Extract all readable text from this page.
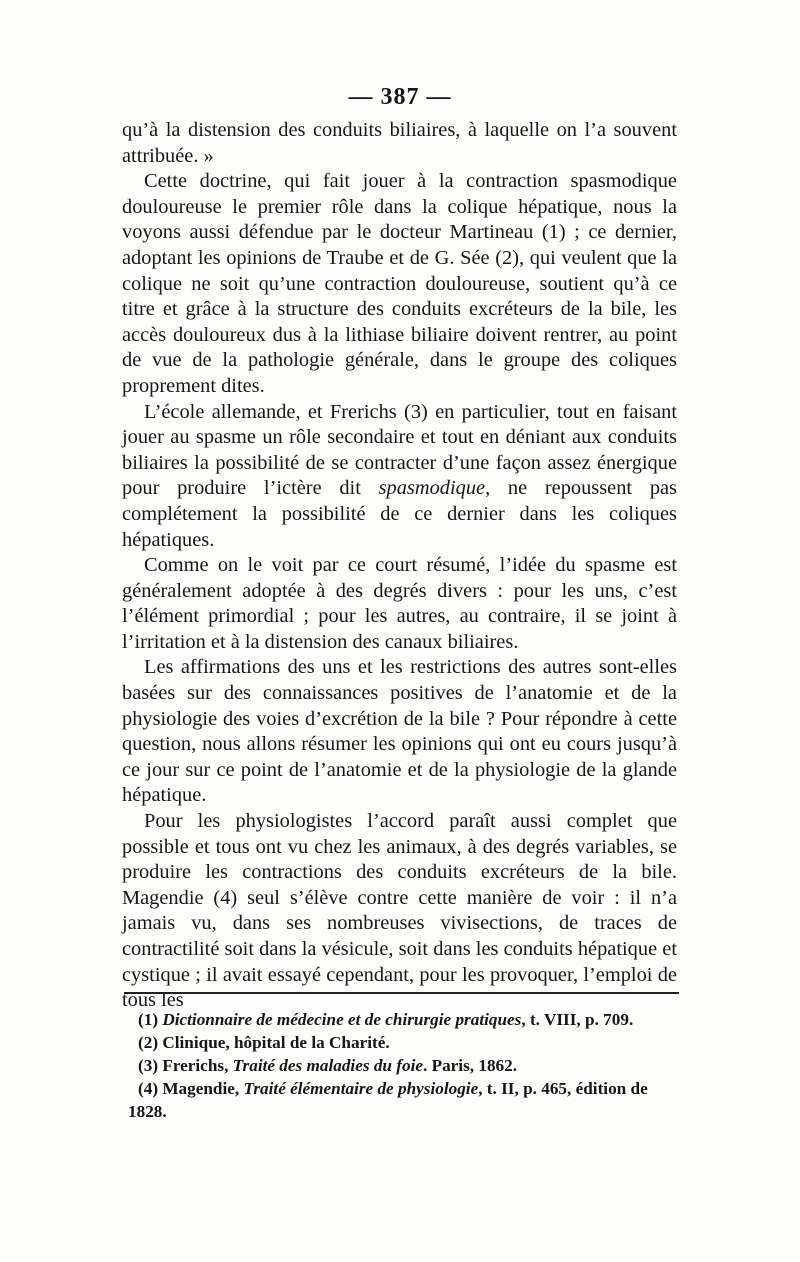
— 387 —

qu’à la distension des conduits biliaires, à laquelle on l’a souvent attribuée. »

Cette doctrine, qui fait jouer à la contraction spasmodique douloureuse le premier rôle dans la colique hépatique, nous la voyons aussi défendue par le docteur Martineau (1) ; ce dernier, adoptant les opinions de Traube et de G. Sée (2), qui veulent que la colique ne soit qu’une contraction douloureuse, soutient qu’à ce titre et grâce à la structure des conduits excréteurs de la bile, les accès douloureux dus à la lithiase biliaire doivent rentrer, au point de vue de la pathologie générale, dans le groupe des coliques proprement dites.

L’école allemande, et Frerichs (3) en particulier, tout en faisant jouer au spasme un rôle secondaire et tout en déniant aux conduits biliaires la possibilité de se contracter d’une façon assez énergique pour produire l’ictère dit spasmodique, ne repoussent pas complétement la possibilité de ce dernier dans les coliques hépatiques.

Comme on le voit par ce court résumé, l’idée du spasme est généralement adoptée à des degrés divers : pour les uns, c’est l’élément primordial ; pour les autres, au contraire, il se joint à l’irritation et à la distension des canaux biliaires.

Les affirmations des uns et les restrictions des autres sont-elles basées sur des connaissances positives de l’anatomie et de la physiologie des voies d’excrétion de la bile ? Pour répondre à cette question, nous allons résumer les opinions qui ont eu cours jusqu’à ce jour sur ce point de l’anatomie et de la physiologie de la glande hépatique.

Pour les physiologistes l’accord paraît aussi complet que possible et tous ont vu chez les animaux, à des degrés variables, se produire les contractions des conduits excréteurs de la bile. Magendie (4) seul s’élève contre cette manière de voir : il n’a jamais vu, dans ses nombreuses vivisections, de traces de contractilité soit dans la vésicule, soit dans les conduits hépatique et cystique ; il avait essayé cependant, pour les provoquer, l’emploi de tous les

(1) Dictionnaire de médecine et de chirurgie pratiques, t. VIII, p. 709.

(2) Clinique, hôpital de la Charité.

(3) Frerichs, Traité des maladies du foie. Paris, 1862.

(4) Magendie, Traité élémentaire de physiologie, t. II, p. 465, édition de 1828.
